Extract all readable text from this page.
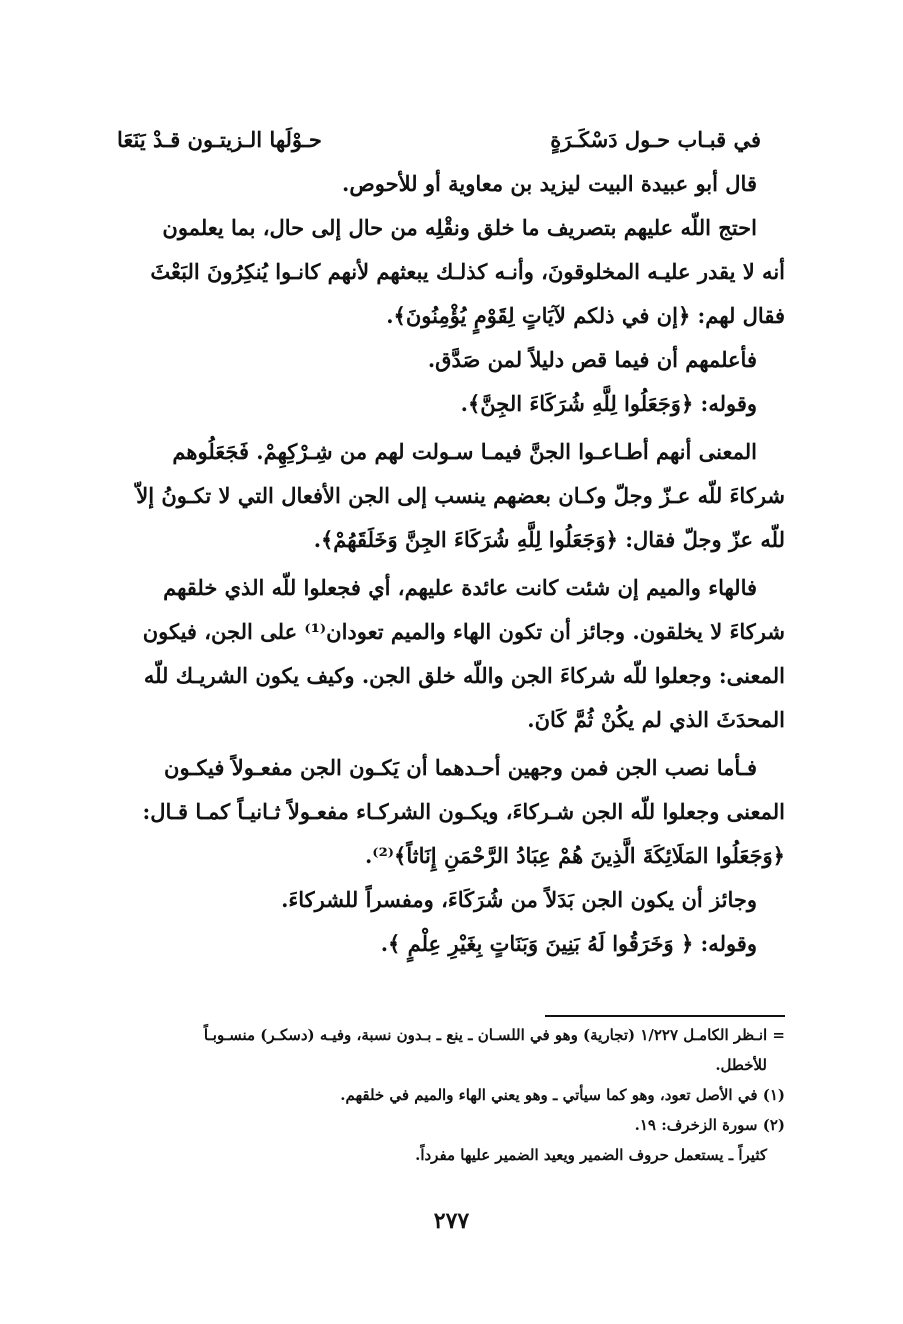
في قبـاب حـول دَسْكَـرَةٍ
حـوْلَها الـزيتـون قـدْ يَنَعَا
قال أبو عبيدة البيت ليزيد بن معاوية أو للأحوص.
احتج اللّه عليهم بتصريف ما خلق ونقْلِه من حال إلى حال، بما يعلمون
أنه لا يقدر عليـه المخلوقونَ، وأنـه كذلـك يبعثهم لأنهم كانـوا يُنكِرُونَ البَعْثَ
فقال لهم: ﴿إن في ذلكم لآيَاتٍ لِقَوْمٍ يُؤْمِنُونَ﴾.
فأعلمهم أن فيما قص دليلاً لمن صَدَّق.
وقوله: ﴿وَجَعَلُوا لِلَّهِ شُرَكَاءَ الجِنَّ﴾.
المعنى أنهم أطـاعـوا الجنَّ فيمـا سـولت لهم من شِـرْكِهِمْ. فَجَعَلُوهم
شركاءَ للّه عـزّ وجلّ وكـان بعضهم ينسب إلى الجن الأفعال التي لا تكـونُ إلاّ
للّه عزّ وجلّ فقال: ﴿وَجَعَلُوا لِلَّهِ شُرَكَاءَ الجِنَّ وَخَلَقَهُمْ﴾.
فالهاء والميم إن شئت كانت عائدة عليهم، أي فجعلوا للّه الذي خلقهم
شركاءَ لا يخلقون. وجائز أن تكون الهاء والميم تعودان⁽¹⁾ على الجن، فيكون
المعنى: وجعلوا للّه شركاءَ الجن واللّه خلق الجن. وكيف يكون الشريـك للّه
المحدَثَ الذي لم يكُنْ ثُمَّ كَانَ.
فـأما نصب الجن فمن وجهين أحـدهما أن يَكـون الجن مفعـولاً فيكـون
المعنى وجعلوا للّه الجن شـركاءَ، ويكـون الشركـاء مفعـولاً ثـانيـاً كمـا قـال:
﴿وَجَعَلُوا المَلَائِكَةَ الَّذِينَ هُمْ عِبَادُ الرَّحْمَنِ إِنَاثاً﴾⁽²⁾.
وجائز أن يكون الجن بَدَلاً من شُرَكَاءَ، ومفسراً للشركاءَ.
وقوله: ﴿ وَخَرَقُوا لَهُ بَنِينَ وَبَنَاتٍ بِغَيْرِ عِلْمٍ ﴾.
= انـظر الكامـل ١/٢٢٧ (تجارية) وهو في اللسـان ـ ينع ـ بـدون نسبة، وفيـه (دسكـر) منسـوبـاً
للأخطل.
(١) في الأصل تعود، وهو كما سيأتي ـ وهو يعني الهاء والميم في خلقهم.
(٢) سورة الزخرف: ١٩.
كثيراً ـ يستعمل حروف الضمير ويعيد الضمير عليها مفرداً.
٢٧٧
